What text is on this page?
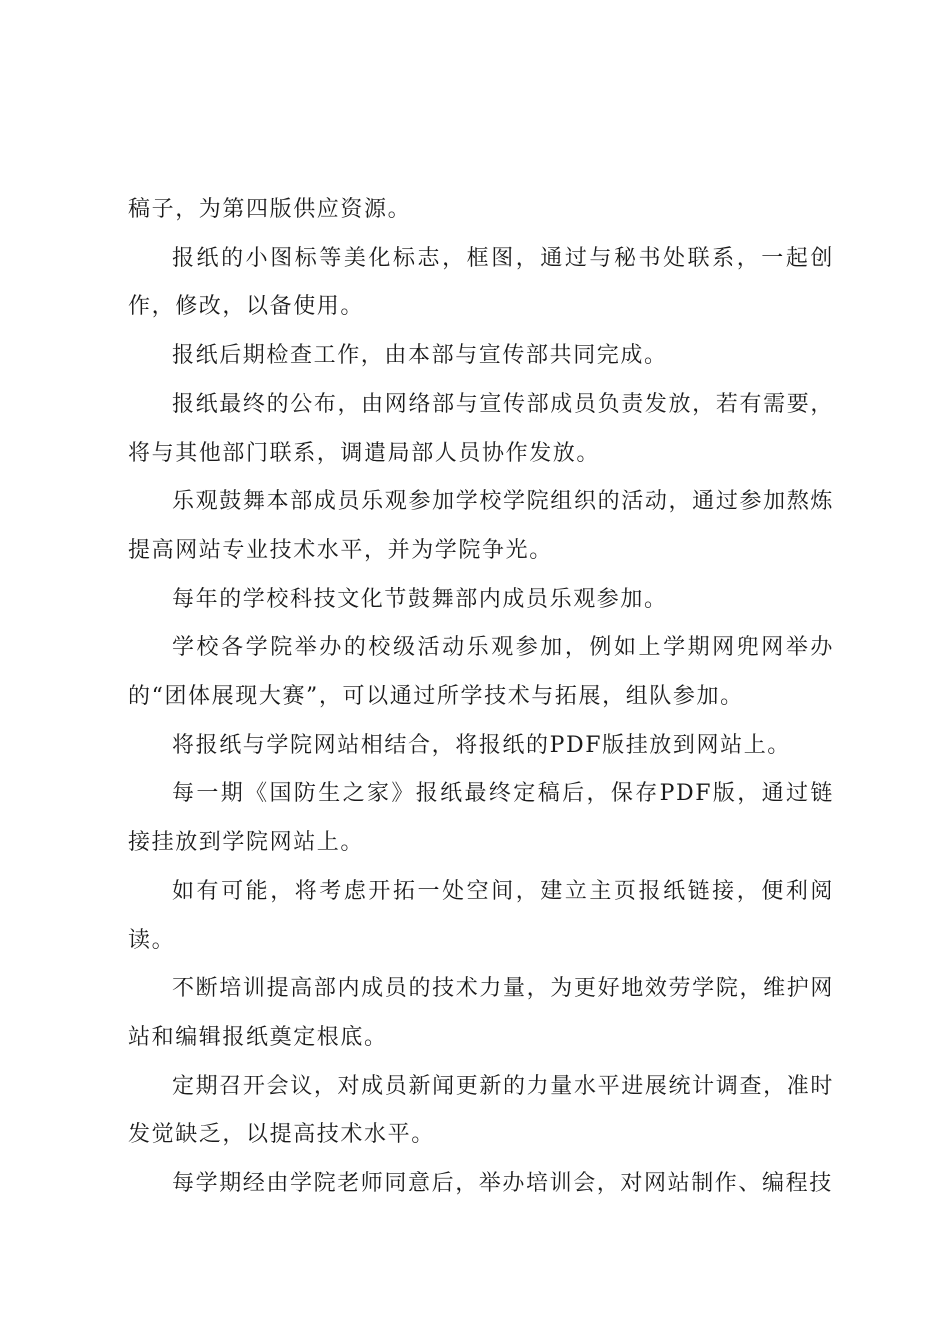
稿子，为第四版供应资源。

报纸的小图标等美化标志，框图，通过与秘书处联系，一起创作，修改，以备使用。

报纸后期检查工作，由本部与宣传部共同完成。

报纸最终的公布，由网络部与宣传部成员负责发放，若有需要，将与其他部门联系，调遣局部人员协作发放。

乐观鼓舞本部成员乐观参加学校学院组织的活动，通过参加熬炼提高网站专业技术水平，并为学院争光。

每年的学校科技文化节鼓舞部内成员乐观参加。

学校各学院举办的校级活动乐观参加，例如上学期网兜网举办的“团体展现大赛”，可以通过所学技术与拓展，组队参加。

将报纸与学院网站相结合，将报纸的PDF版挂放到网站上。

每一期《国防生之家》报纸最终定稿后，保存PDF版，通过链接挂放到学院网站上。

如有可能，将考虑开拓一处空间，建立主页报纸链接，便利阅读。

不断培训提高部内成员的技术力量，为更好地效劳学院，维护网站和编辑报纸奠定根底。

定期召开会议，对成员新闻更新的力量水平进展统计调查，准时发觉缺乏，以提高技术水平。

每学期经由学院老师同意后，举办培训会，对网站制作、编程技
